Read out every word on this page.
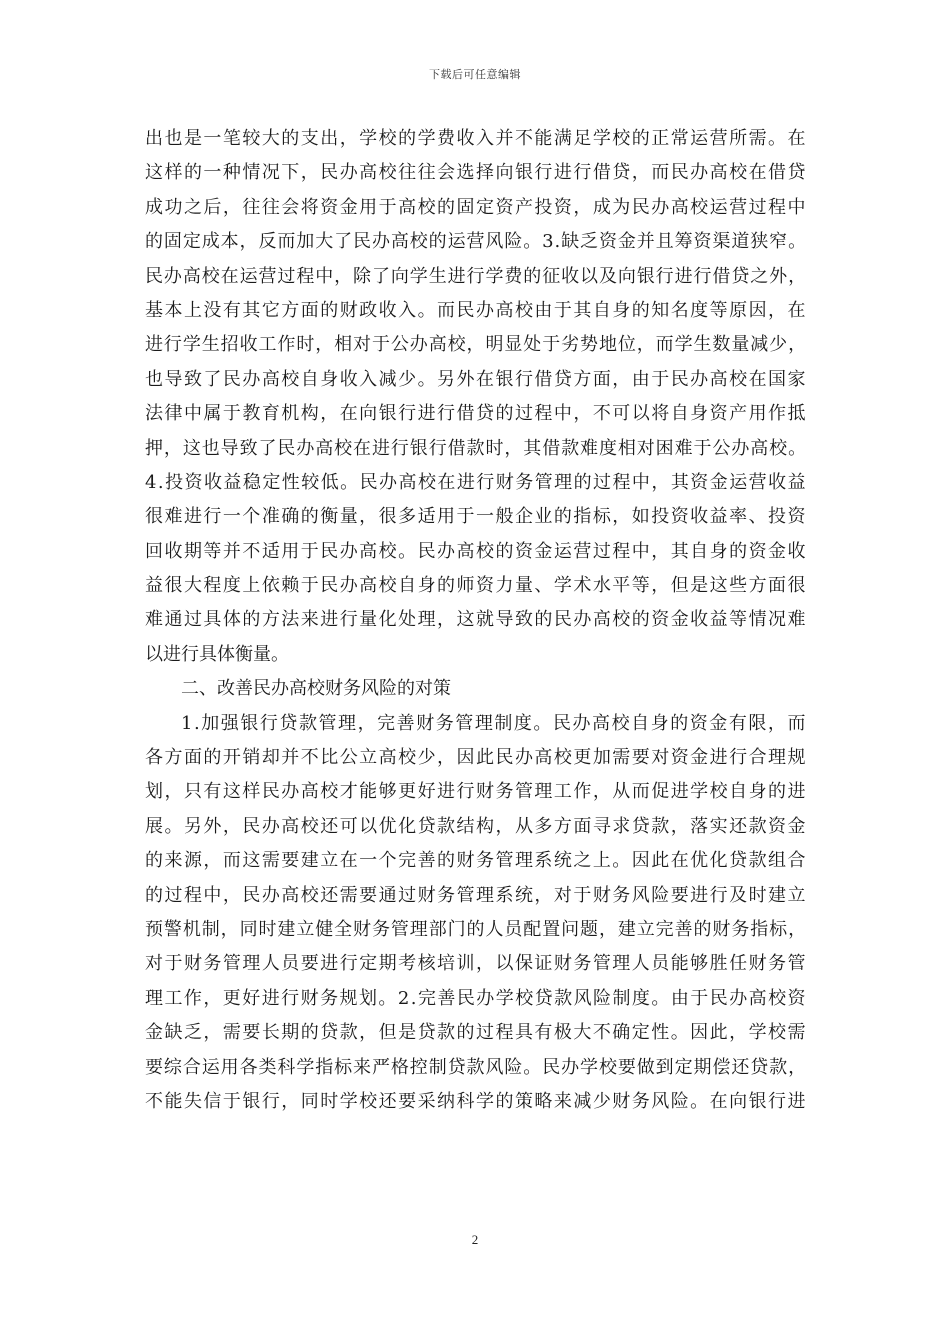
下载后可任意编辑
出也是一笔较大的支出，学校的学费收入并不能满足学校的正常运营所需。在
这样的一种情况下，民办高校往往会选择向银行进行借贷，而民办高校在借贷
成功之后，往往会将资金用于高校的固定资产投资，成为民办高校运营过程中
的固定成本，反而加大了民办高校的运营风险。3.缺乏资金并且筹资渠道狭窄。
民办高校在运营过程中，除了向学生进行学费的征收以及向银行进行借贷之外，
基本上没有其它方面的财政收入。而民办高校由于其自身的知名度等原因，在
进行学生招收工作时，相对于公办高校，明显处于劣势地位，而学生数量减少，
也导致了民办高校自身收入减少。另外在银行借贷方面，由于民办高校在国家
法律中属于教育机构，在向银行进行借贷的过程中，不可以将自身资产用作抵
押，这也导致了民办高校在进行银行借款时，其借款难度相对困难于公办高校。
4.投资收益稳定性较低。民办高校在进行财务管理的过程中，其资金运营收益
很难进行一个准确的衡量，很多适用于一般企业的指标，如投资收益率、投资
回收期等并不适用于民办高校。民办高校的资金运营过程中，其自身的资金收
益很大程度上依赖于民办高校自身的师资力量、学术水平等，但是这些方面很
难通过具体的方法来进行量化处理，这就导致的民办高校的资金收益等情况难
以进行具体衡量。
二、改善民办高校财务风险的对策
1.加强银行贷款管理，完善财务管理制度。民办高校自身的资金有限，而
各方面的开销却并不比公立高校少，因此民办高校更加需要对资金进行合理规
划，只有这样民办高校才能够更好进行财务管理工作，从而促进学校自身的进
展。另外，民办高校还可以优化贷款结构，从多方面寻求贷款，落实还款资金
的来源，而这需要建立在一个完善的财务管理系统之上。因此在优化贷款组合
的过程中，民办高校还需要通过财务管理系统，对于财务风险要进行及时建立
预警机制，同时建立健全财务管理部门的人员配置问题，建立完善的财务指标，
对于财务管理人员要进行定期考核培训，以保证财务管理人员能够胜任财务管
理工作，更好进行财务规划。2.完善民办学校贷款风险制度。由于民办高校资
金缺乏，需要长期的贷款，但是贷款的过程具有极大不确定性。因此，学校需
要综合运用各类科学指标来严格控制贷款风险。民办学校要做到定期偿还贷款，
不能失信于银行，同时学校还要采纳科学的策略来减少财务风险。在向银行进
2
